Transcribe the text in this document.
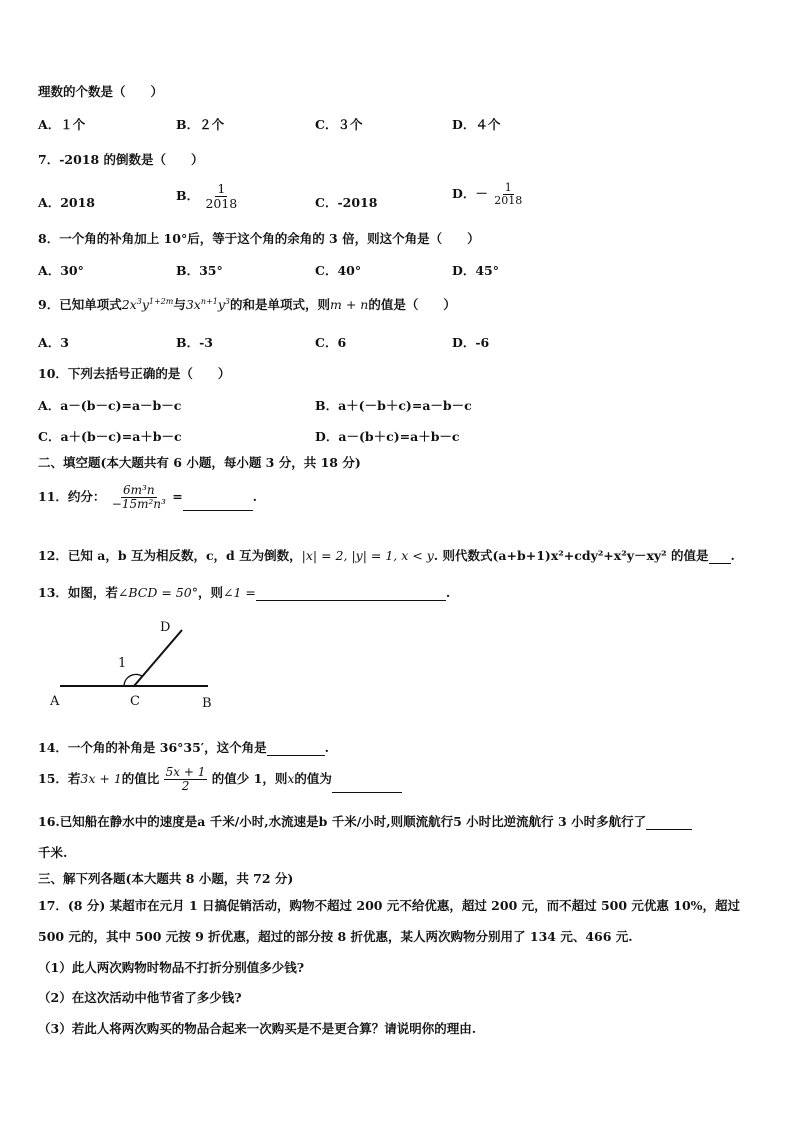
理数的个数是（　　）
A．１个	B．２个	C．３个	D．４个
7．-2018 的倒数是（　　）
A．2018	B． $\frac{1}{2018}$	C．-2018
D．－ $\frac{1}{2018}$
8．一个角的补角加上 10°后，等于这个角的余角的 3 倍，则这个角是（　　）
A．30°	B．35°	C．40°	D．45°
9．已知单项式$2x^3y^{1+2m}$与$3x^{n+1}y^3$的和是单项式，则m + n的值是（　　）
A．3	B．-3	C．6	D．-6
10．下列去括号正确的是（　　）
A．a－(b－c)=a－b－c	B．a＋(－b＋c)=a－b－c
C．a＋(b－c)=a＋b－c	D．a－(b＋c)=a＋b－c
二、填空题(本大题共有 6 小题，每小题 3 分，共 18 分)
11．约分： $\frac{\text{6m³n}}{\text{−15m²n³}}$ =	.
12．已知 a，b 互为相反数，c，d 互为倒数，|x| = 2, |y| = 1, x < y. 则代数式(a+b+1)x²+cdy²+x²y－xy² 的值是 .
13．如图，若∠BCD = 50°，则∠1 =	.
A	C	B
D
1
14．一个角的补角是 36°35′，这个角是	.
15．若3x + 1的值比 $\frac{5x + 1}{2}$ 的值少 1，则x的值为
16.已知船在静水中的速度是a 千米/小时,水流速是b 千米/小时,则顺流航行5 小时比逆流航行 3 小时多航行了
千米.
三、解下列各题(本大题共 8 小题，共 72 分)
17．(8 分) 某超市在元月 1 日搞促销活动，购物不超过 200 元不给优惠，超过 200 元，而不超过 500 元优惠 10%，超过
500 元的，其中 500 元按 9 折优惠，超过的部分按 8 折优惠，某人两次购物分别用了 134 元、466 元.
（1）此人两次购物时物品不打折分别值多少钱?
（2）在这次活动中他节省了多少钱?
（3）若此人将两次购买的物品合起来一次购买是不是更合算？请说明你的理由.
